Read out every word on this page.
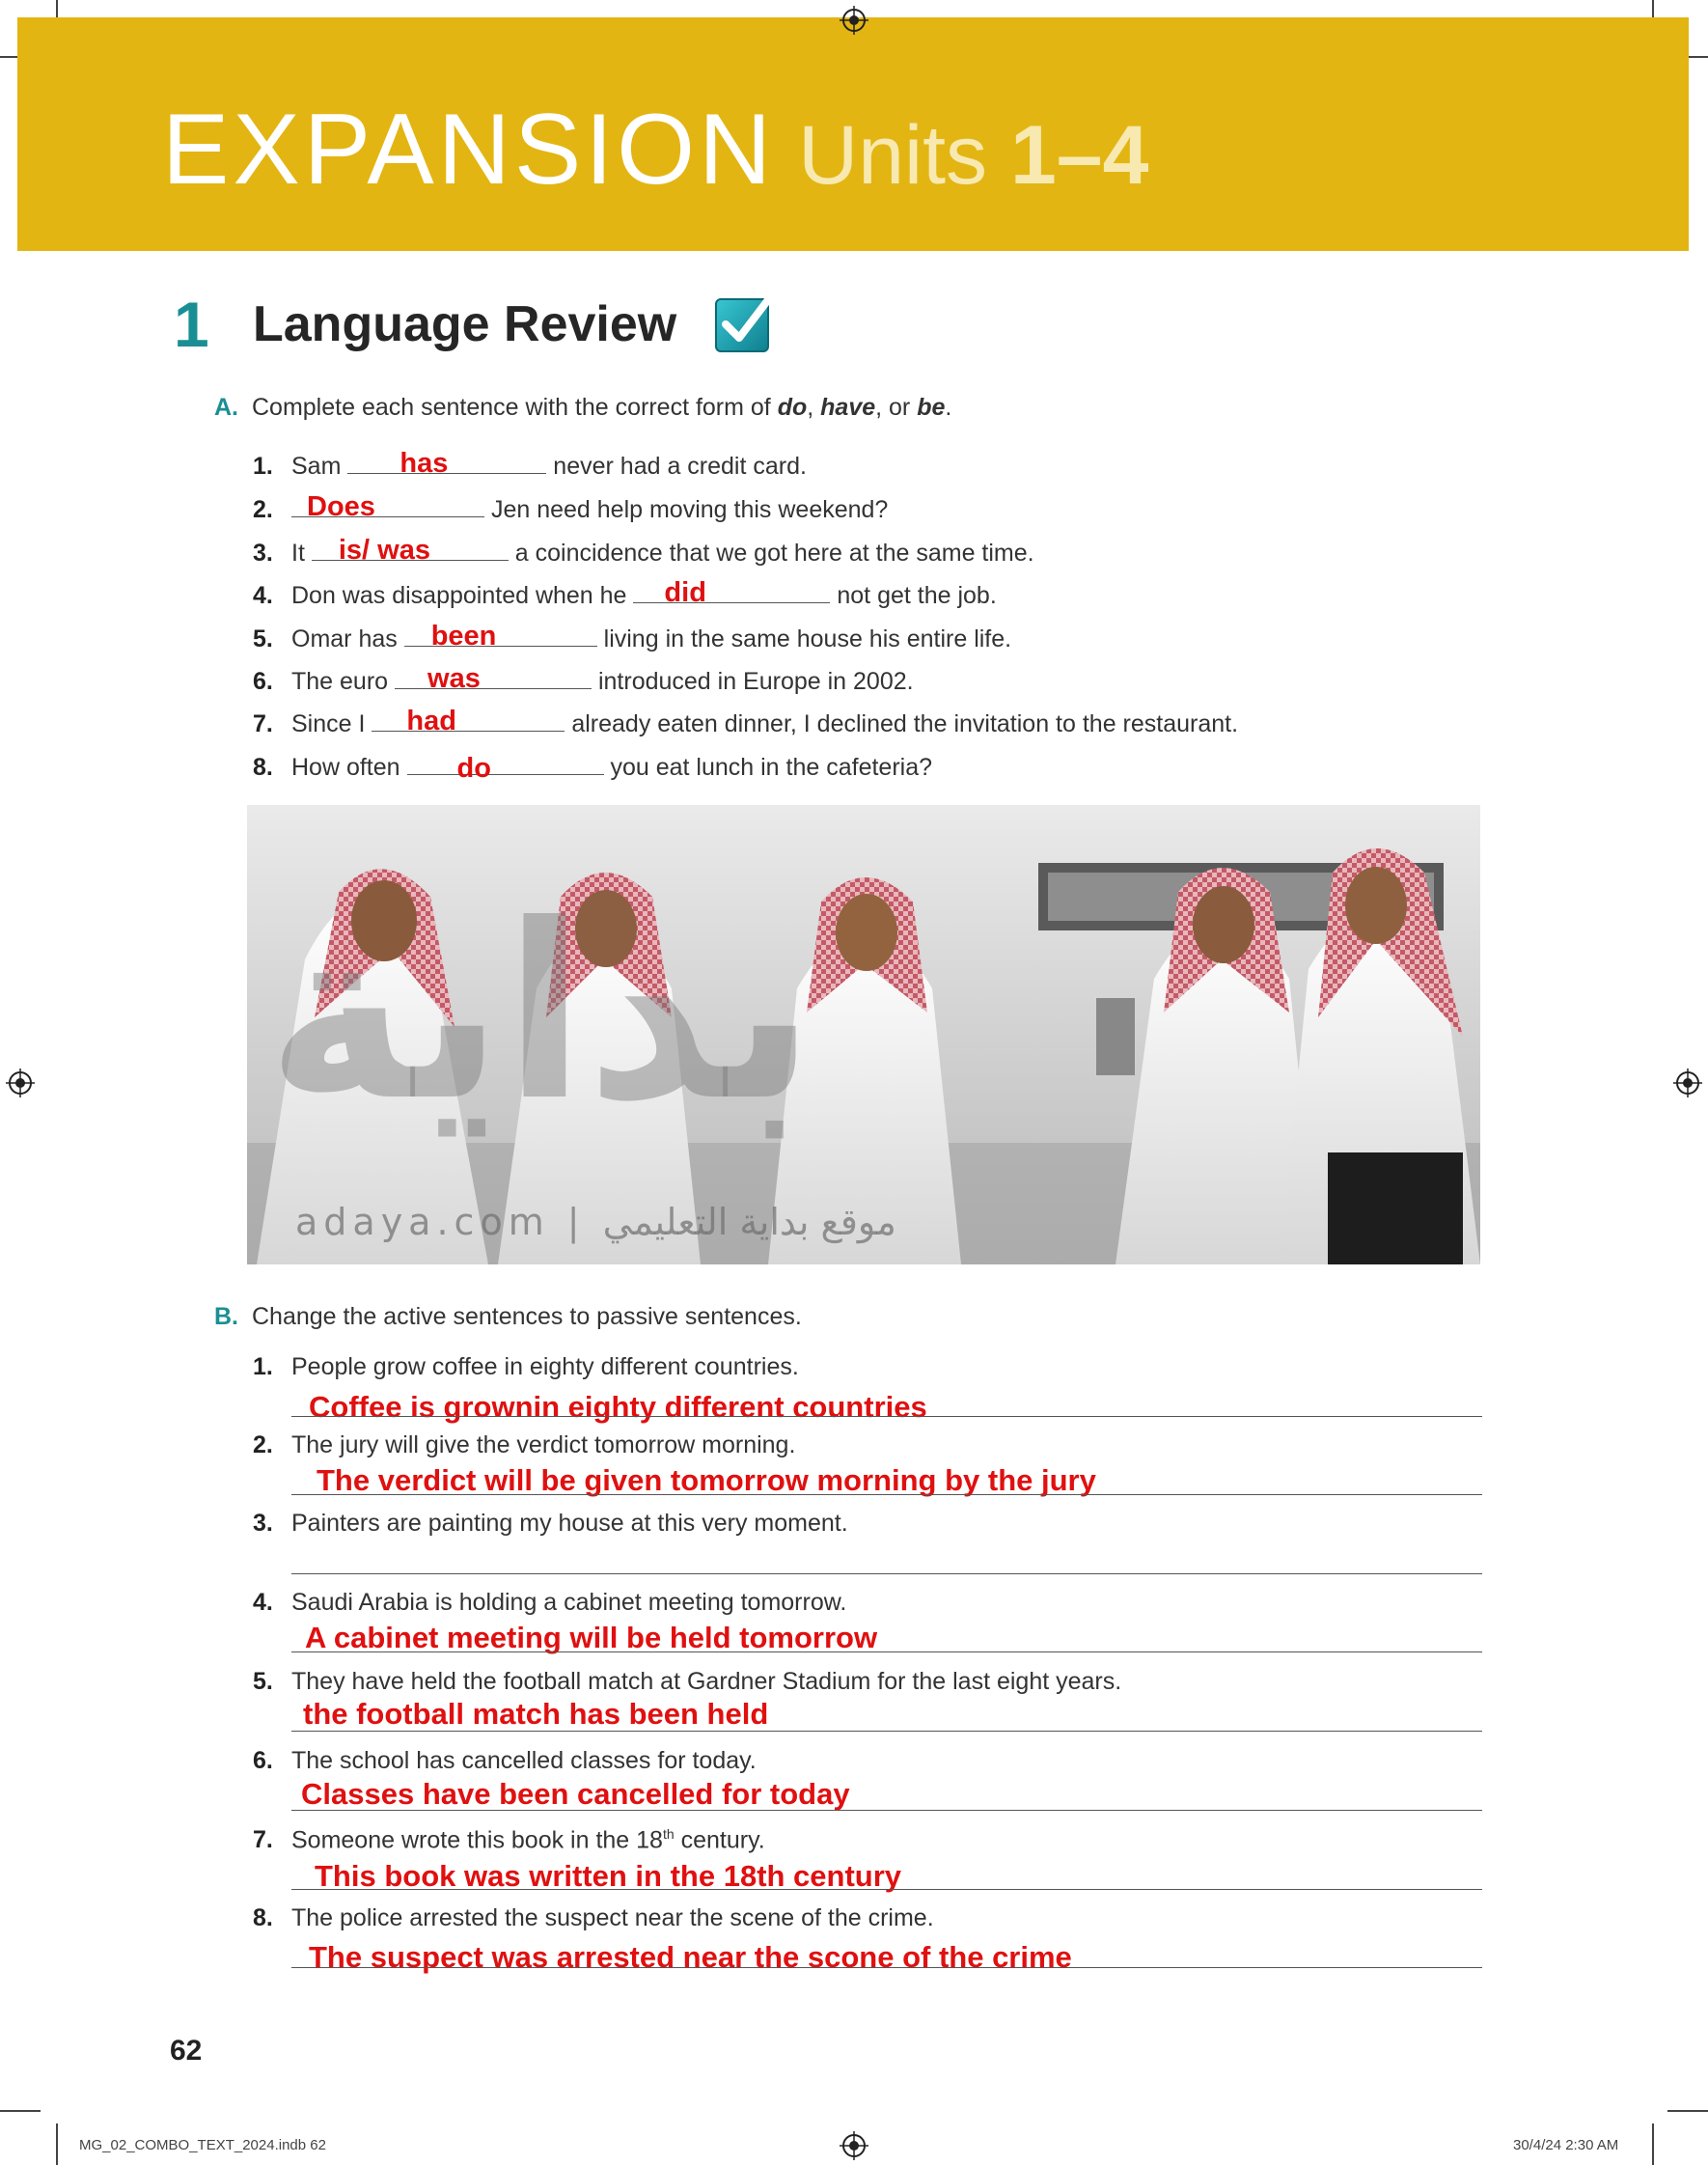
EXPANSION Units 1–4
1 Language Review
A. Complete each sentence with the correct form of do, have, or be.
1. Sam has	never had a credit card.
2. Does	Jen need help moving this weekend?
3. It is/ was	a coincidence that we got here at the same time.
4. Don was disappointed when he did	not get the job.
5. Omar has been	living in the same house his entire life.
6. The euro was	introduced in Europe in 2002.
7. Since I had	already eaten dinner, I declined the invitation to the restaurant.
8. How often do	you eat lunch in the cafeteria?
بداية
adaya.com | موقع بداية التعليمي
B. Change the active sentences to passive sentences.
1. People grow coffee in eighty different countries.
Coffee is grownin eighty different countries
2. The jury will give the verdict tomorrow morning.
The verdict will be given tomorrow morning by the jury
3. Painters are painting my house at this very moment.
4. Saudi Arabia is holding a cabinet meeting tomorrow.
A cabinet meeting will be held tomorrow
5. They have held the football match at Gardner Stadium for the last eight years.
the football match has been held
6. The school has cancelled classes for today.
Classes have been cancelled for today
7. Someone wrote this book in the 18th century.
This book was written in the 18th century
8. The police arrested the suspect near the scene of the crime.
The suspect was arrested near the scone of the crime
62
MG_02_COMBO_TEXT_2024.indb 62	30/4/24 2:30 AM
